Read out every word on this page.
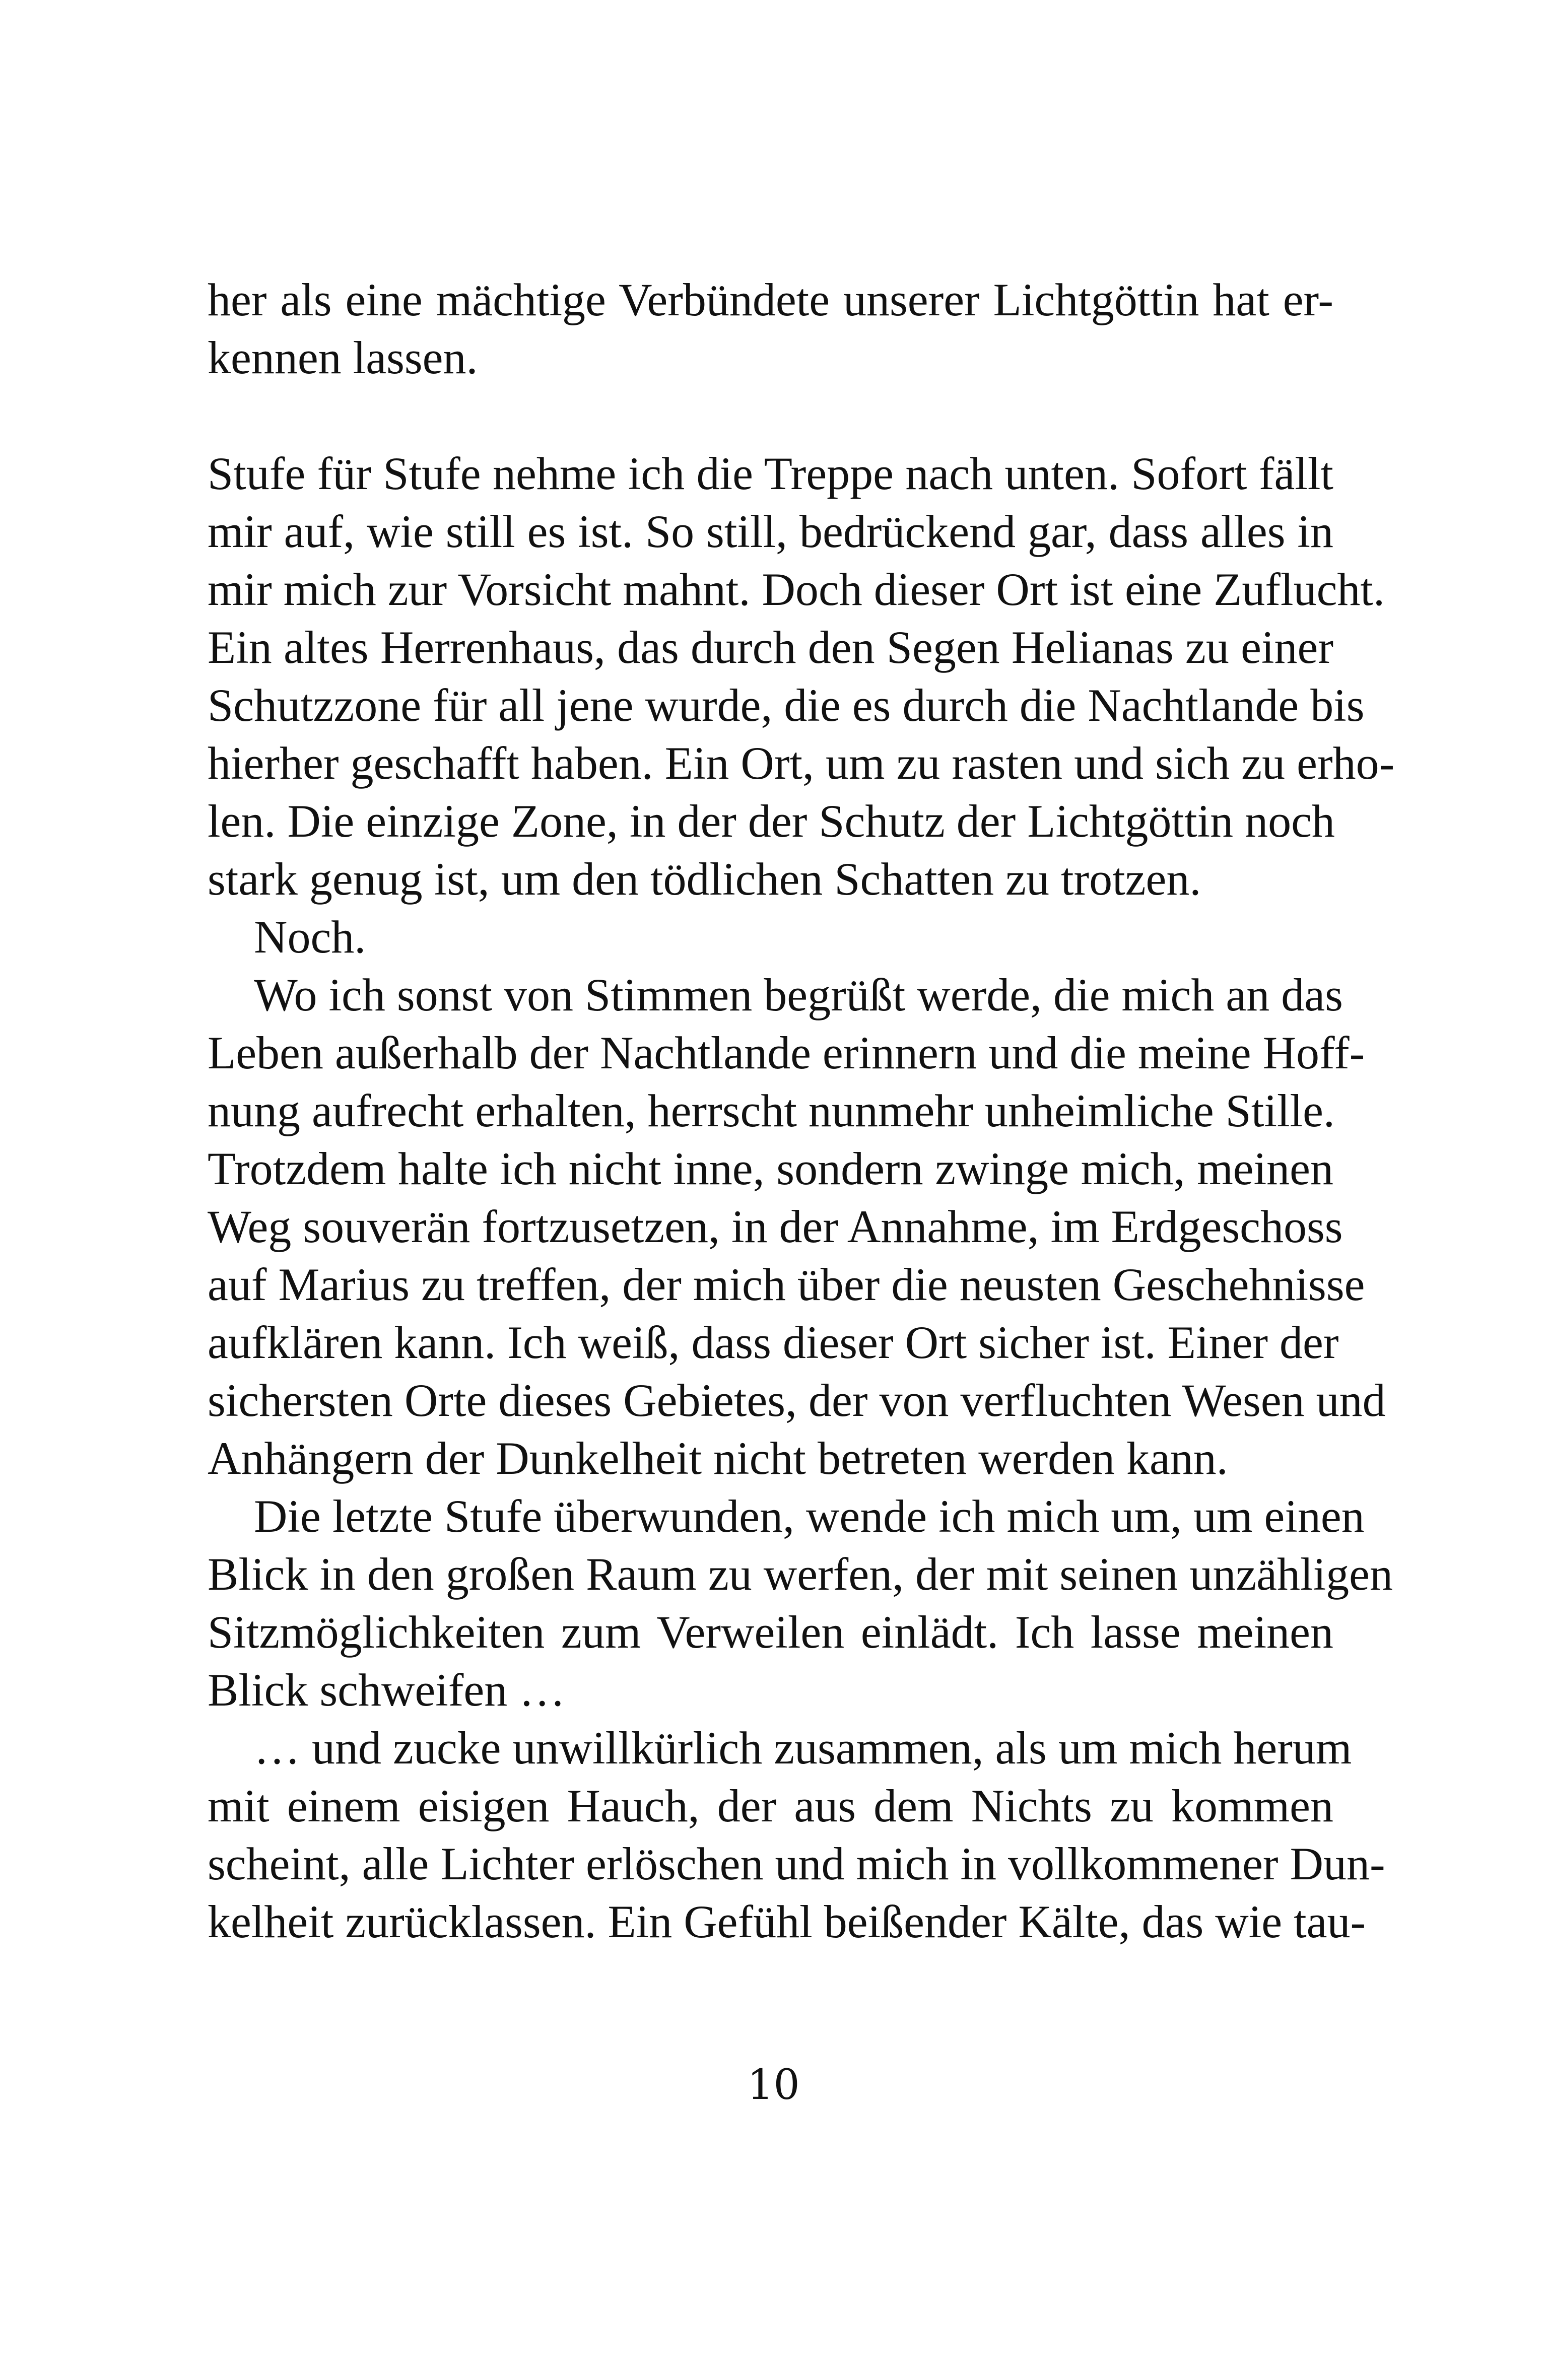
her als eine mächtige Verbündete unserer Lichtgöttin hat er-
kennen lassen.
Stufe für Stufe nehme ich die Treppe nach unten. Sofort fällt
mir auf, wie still es ist. So still, bedrückend gar, dass alles in
mir mich zur Vorsicht mahnt. Doch dieser Ort ist eine Zuflucht.
Ein altes Herrenhaus, das durch den Segen Helianas zu einer
Schutzzone für all jene wurde, die es durch die Nachtlande bis
hierher geschafft haben. Ein Ort, um zu rasten und sich zu erho-
len. Die einzige Zone, in der der Schutz der Lichtgöttin noch
stark genug ist, um den tödlichen Schatten zu trotzen.
Noch.
Wo ich sonst von Stimmen begrüßt werde, die mich an das
Leben außerhalb der Nachtlande erinnern und die meine Hoff-
nung aufrecht erhalten, herrscht nunmehr unheimliche Stille.
Trotzdem halte ich nicht inne, sondern zwinge mich, meinen
Weg souverän fortzusetzen, in der Annahme, im Erdgeschoss
auf Marius zu treffen, der mich über die neusten Geschehnisse
aufklären kann. Ich weiß, dass dieser Ort sicher ist. Einer der
sichersten Orte dieses Gebietes, der von verfluchten Wesen und
Anhängern der Dunkelheit nicht betreten werden kann.
Die letzte Stufe überwunden, wende ich mich um, um einen
Blick in den großen Raum zu werfen, der mit seinen unzähligen
Sitzmöglichkeiten zum Verweilen einlädt. Ich lasse meinen
Blick schweifen …
… und zucke unwillkürlich zusammen, als um mich herum
mit einem eisigen Hauch, der aus dem Nichts zu kommen
scheint, alle Lichter erlöschen und mich in vollkommener Dun-
kelheit zurücklassen. Ein Gefühl beißender Kälte, das wie tau-
10
